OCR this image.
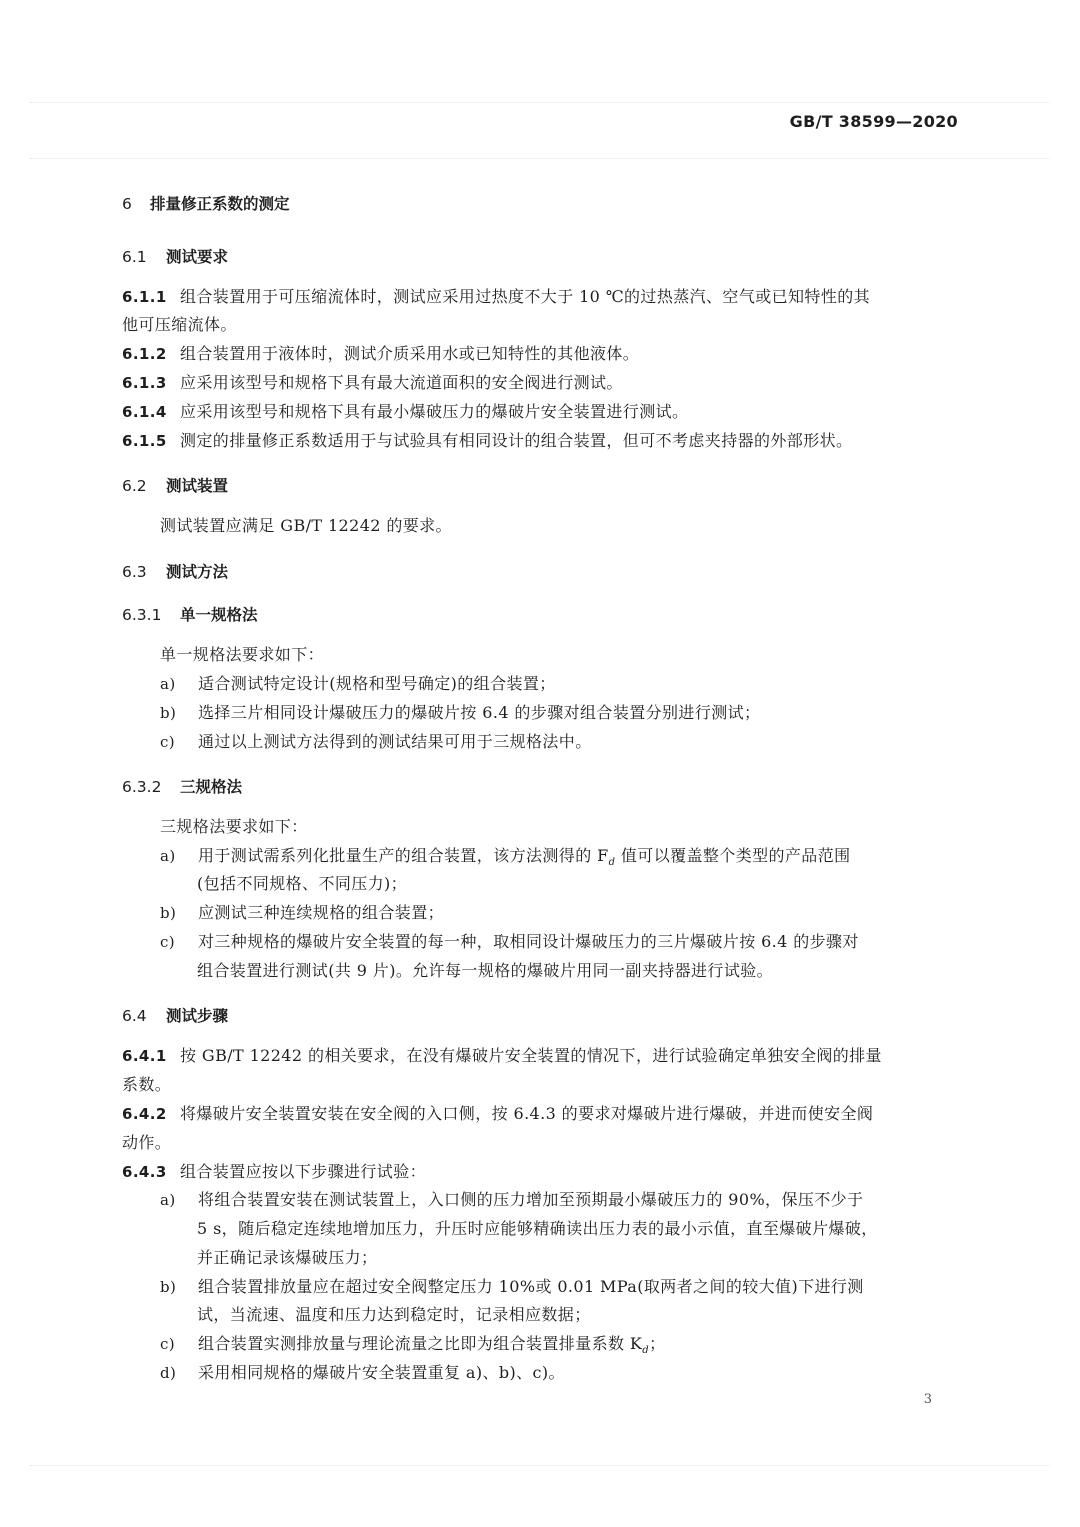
GB/T 38599—2020
6 排量修正系数的测定
6.1 测试要求
6.1.1 组合装置用于可压缩流体时，测试应采用过热度不大于 10 ℃的过热蒸汽、空气或已知特性的其
他可压缩流体。
6.1.2 组合装置用于液体时，测试介质采用水或已知特性的其他液体。
6.1.3 应采用该型号和规格下具有最大流道面积的安全阀进行测试。
6.1.4 应采用该型号和规格下具有最小爆破压力的爆破片安全装置进行测试。
6.1.5 测定的排量修正系数适用于与试验具有相同设计的组合装置，但可不考虑夹持器的外部形状。
6.2 测试装置
测试装置应满足 GB/T 12242 的要求。
6.3 测试方法
6.3.1 单一规格法
单一规格法要求如下：
a) 适合测试特定设计(规格和型号确定)的组合装置；
b) 选择三片相同设计爆破压力的爆破片按 6.4 的步骤对组合装置分别进行测试；
c) 通过以上测试方法得到的测试结果可用于三规格法中。
6.3.2 三规格法
三规格法要求如下：
a) 用于测试需系列化批量生产的组合装置，该方法测得的 $F_d$ 值可以覆盖整个类型的产品范围
(包括不同规格、不同压力)；
b) 应测试三种连续规格的组合装置；
c) 对三种规格的爆破片安全装置的每一种，取相同设计爆破压力的三片爆破片按 6.4 的步骤对
组合装置进行测试(共 9 片)。允许每一规格的爆破片用同一副夹持器进行试验。
6.4 测试步骤
6.4.1 按 GB/T 12242 的相关要求，在没有爆破片安全装置的情况下，进行试验确定单独安全阀的排量
系数。
6.4.2 将爆破片安全装置安装在安全阀的入口侧，按 6.4.3 的要求对爆破片进行爆破，并进而使安全阀
动作。
6.4.3 组合装置应按以下步骤进行试验：
a) 将组合装置安装在测试装置上，入口侧的压力增加至预期最小爆破压力的 90%，保压不少于
5 s，随后稳定连续地增加压力，升压时应能够精确读出压力表的最小示值，直至爆破片爆破，
并正确记录该爆破压力；
b) 组合装置排放量应在超过安全阀整定压力 10%或 0.01 MPa(取两者之间的较大值)下进行测
试，当流速、温度和压力达到稳定时，记录相应数据；
c) 组合装置实测排放量与理论流量之比即为组合装置排量系数 $K_d$；
d) 采用相同规格的爆破片安全装置重复 a)、b)、c)。
3
